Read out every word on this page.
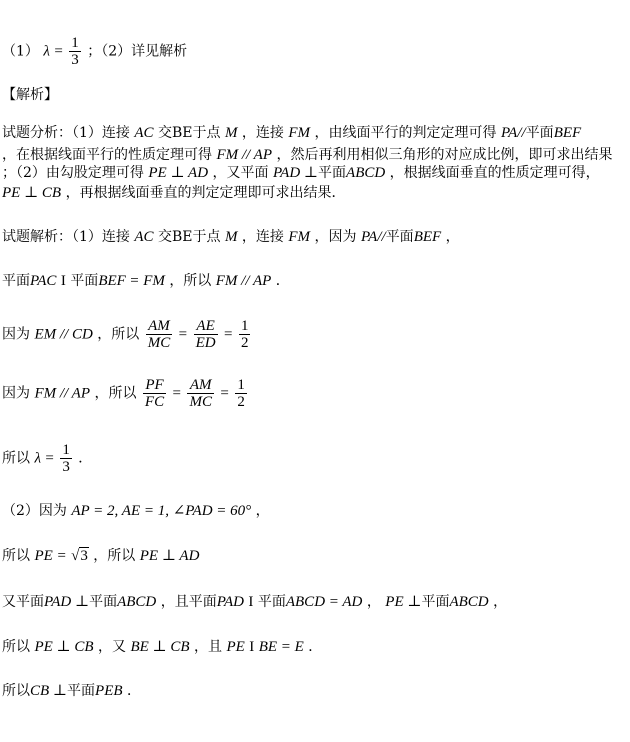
（1） $\lambda = \frac{1}{3}$ ；（2）详见解析
【解析】
试题分析：（1）连接 AC 交BE于点 M ，连接 FM ，由线面平行的判定定理可得 PA//平面BEF
，在根据线面平行的性质定理可得 FM // AP ，然后再利用相似三角形的对应成比例，即可求出结果
；（2）由勾股定理可得 PE ⊥ AD ，又平面 PAD ⊥平面ABCD ，根据线面垂直的性质定理可得，
PE ⊥ CB ，再根据线面垂直的判定定理即可求出结果．
试题解析：（1）连接 AC 交BE于点 M ，连接 FM ，因为 PA//平面BEF ，
平面PAC I 平面BEF = FM ，所以 FM // AP ．
因为 EM // CD ，所以 $\frac{AM}{MC} = \frac{AE}{ED} = \frac{1}{2}$
因为 FM // AP ，所以 $\frac{PF}{FC} = \frac{AM}{MC} = \frac{1}{2}$
所以 $\lambda = \frac{1}{3}$ ．
（2）因为 AP = 2, AE = 1, ∠PAD = 60° ，
所以 PE = √3 ，所以 PE ⊥ AD
又平面PAD ⊥平面ABCD ，且平面PAD I 平面ABCD = AD ， PE ⊥平面ABCD ，
所以 PE ⊥ CB ，又 BE ⊥ CB ，且 PE I BE = E ．
所以CB ⊥平面PEB ．
